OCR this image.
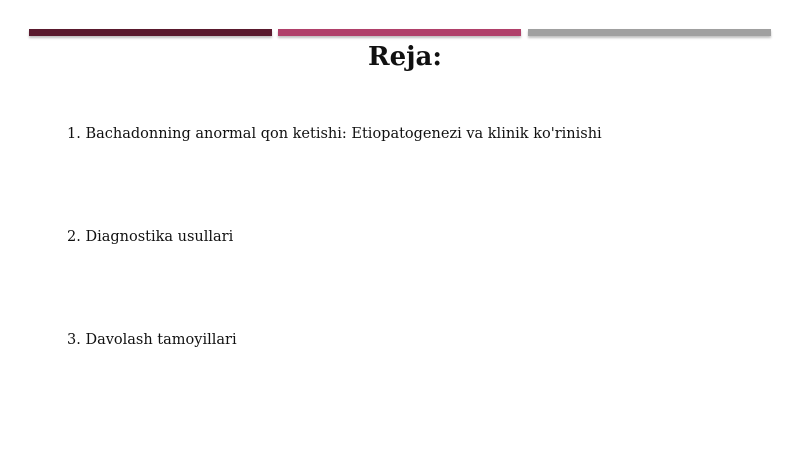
Reja:
1. Bachadonning anormal qon ketishi: Etiopatogenezi va klinik ko'rinishi
2. Diagnostika usullari
3. Davolash tamoyillari
